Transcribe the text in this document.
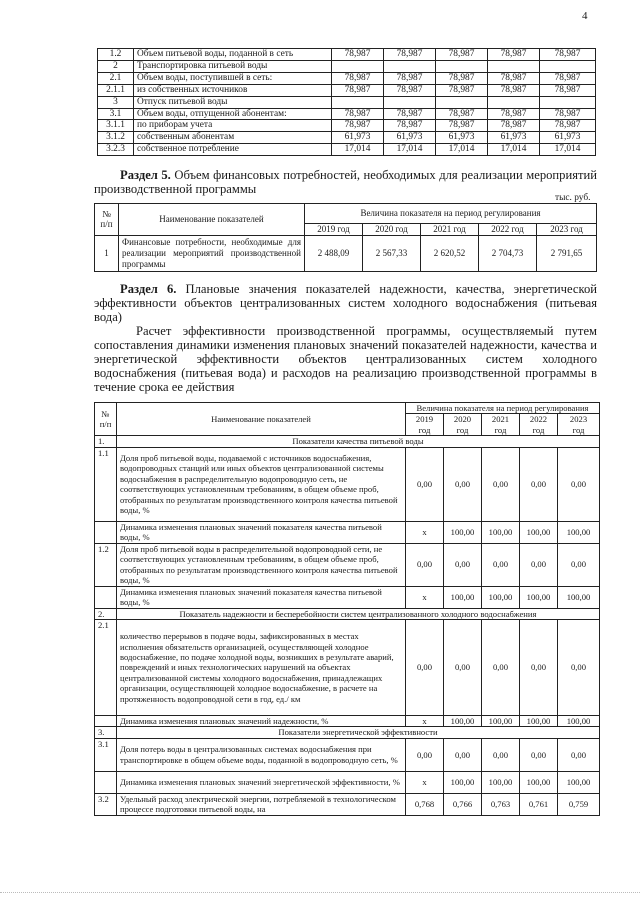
4
1.2	Объем питьевой воды, поданной в сеть	78,987	78,987	78,987	78,987	78,987
2	Транспортировка питьевой воды					
2.1	Объем воды, поступившей в сеть:	78,987	78,987	78,987	78,987	78,987
2.1.1	из собственных источников	78,987	78,987	78,987	78,987	78,987
3	Отпуск питьевой воды					
3.1	Объем воды, отпущенной абонентам:	78,987	78,987	78,987	78,987	78,987
3.1.1	по приборам учета	78,987	78,987	78,987	78,987	78,987
3.1.2	собственным абонентам	61,973	61,973	61,973	61,973	61,973
3.2.3	собственное потребление	17,014	17,014	17,014	17,014	17,014

Раздел 5. Объем финансовых потребностей, необходимых для реализации мероприятий производственной программы

тыс. руб.
№ п/п	Наименование показателей	Величина показателя на период регулирования				
		2019 год	2020 год	2021 год	2022 год	2023 год
1	Финансовые потребности, необходимые для реализации мероприятий производственной программы	2 488,09	2 567,33	2 620,52	2 704,73	2 791,65

Раздел 6. Плановые значения показателей надежности, качества, энергетической эффективности объектов централизованных систем холодного водоснабжения (питьевая вода)

Расчет эффективности производственной программы, осуществляемый путем сопоставления динамики изменения плановых значений показателей надежности, качества и энергетической эффективности объектов централизованных систем холодного водоснабжения (питьевая вода) и расходов на реализацию производственной программы в течение срока ее действия

№ п/п	Наименование показателей	Величина показателя на период регулирования				
		2019	2020	2021	2022	2023
		год	год	год	год	год
1.	Показатели качества питьевой воды					
1.1	Доля проб питьевой воды, подаваемой с источников водоснабжения, водопроводных станций или иных объектов централизованной системы водоснабжения в распределительную водопроводную сеть, не соответствующих установленным требованиям, в общем объеме проб, отобранных по результатам производственного контроля качества питьевой воды, %	0,00	0,00	0,00	0,00	0,00
	Динамика изменения плановых значений показателя качества питьевой воды, %	х	100,00	100,00	100,00	100,00
1.2	Доля проб питьевой воды в распределительной водопроводной сети, не соответствующих установленным требованиям, в общем объеме проб, отобранных по результатам производственного контроля качества питьевой воды, %	0,00	0,00	0,00	0,00	0,00
	Динамика изменения плановых значений показателя качества питьевой воды, %	х	100,00	100,00	100,00	100,00
2.	Показатель надежности и бесперебойности систем централизованного холодного водоснабжения					
2.1	количество перерывов в подаче воды, зафиксированных в местах исполнения обязательств организацией, осуществляющей холодное водоснабжение, по подаче холодной воды, возникших в результате аварий, повреждений и иных технологических нарушений на объектах централизованной системы холодного водоснабжения, принадлежащих организации, осуществляющей холодное водоснабжение, в расчете на протяженность водопроводной сети в год, ед./ км	0,00	0,00	0,00	0,00	0,00
	Динамика изменения плановых значений надежности, %	х	100,00	100,00	100,00	100,00
3.	Показатели энергетической эффективности					
3.1	Доля потерь воды в централизованных системах водоснабжения при транспортировке в общем объеме воды, поданной в водопроводную сеть, %	0,00	0,00	0,00	0,00	0,00
	Динамика изменения плановых значений энергетической эффективности, %	х	100,00	100,00	100,00	100,00
3.2	Удельный расход электрической энергии, потребляемой в технологическом процессе подготовки питьевой воды, на	0,768	0,766	0,763	0,761	0,759
